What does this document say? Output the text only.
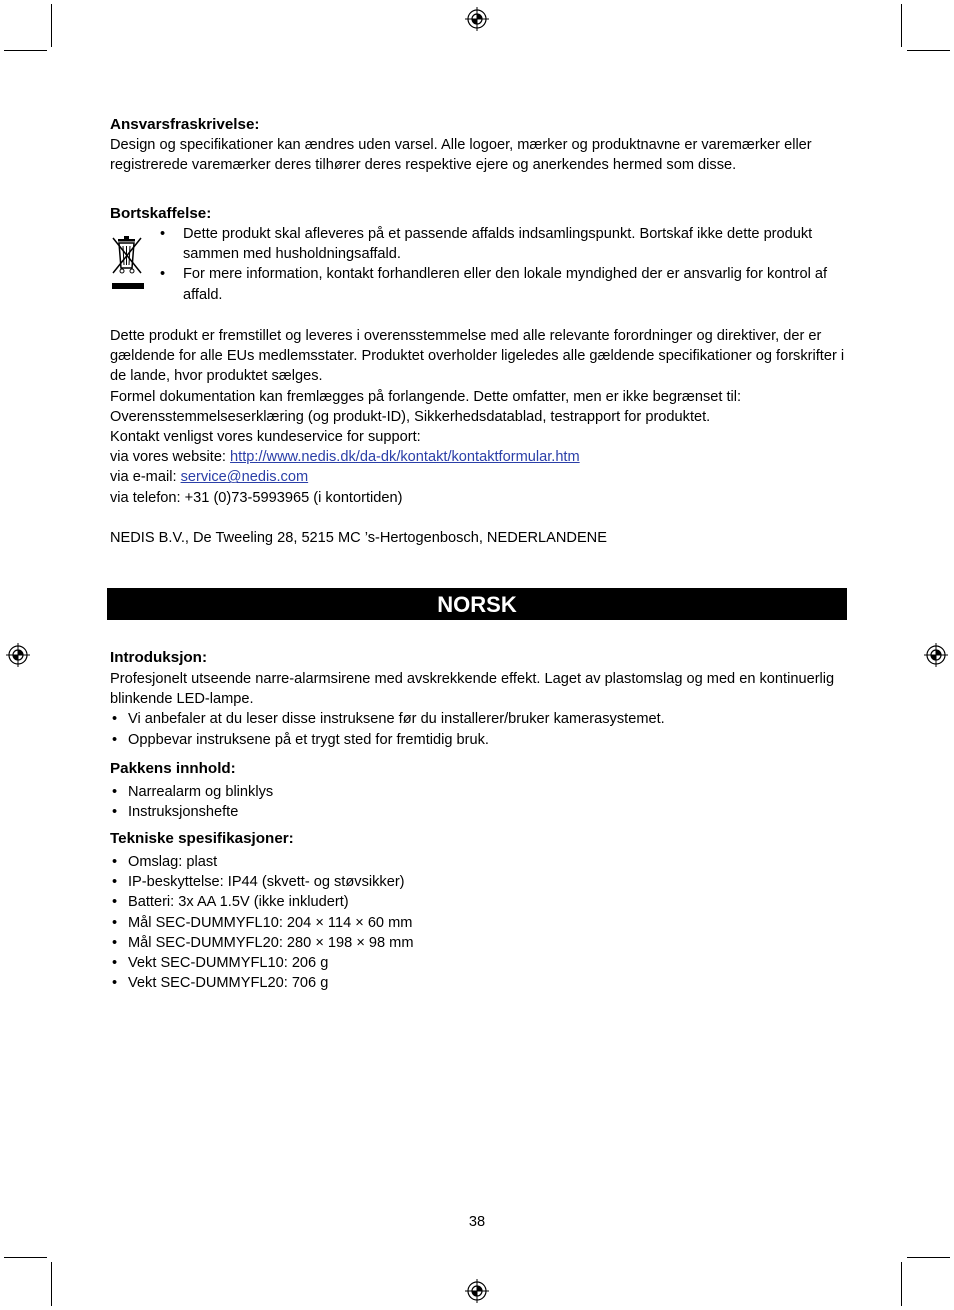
Ansvarsfraskrivelse:

Design og specifikationer kan ændres uden varsel. Alle logoer, mærker og produktnavne er varemærker eller registrerede varemærker deres tilhører deres respektive ejere og anerkendes hermed som disse.

Bortskaffelse:
• Dette produkt skal afleveres på et passende affalds indsamlingspunkt. Bortskaf ikke dette produkt sammen med husholdningsaffald.
• For mere information, kontakt forhandleren eller den lokale myndighed der er ansvarlig for kontrol af affald.

Dette produkt er fremstillet og leveres i overensstemmelse med alle relevante forordninger og direktiver, der er gældende for alle EUs medlemsstater. Produktet overholder ligeledes alle gældende specifikationer og forskrifter i de lande, hvor produktet sælges.

Formel dokumentation kan fremlægges på forlangende. Dette omfatter, men er ikke begrænset til: Overensstemmelseserklæring (og produkt-ID), Sikkerhedsdatablad, testrapport for produktet.

Kontakt venligst vores kundeservice for support:

via vores website: http://www.nedis.dk/da-dk/kontakt/kontaktformular.htm

via e-mail: service@nedis.com

via telefon: +31 (0)73-5993965 (i kontortiden)

NEDIS B.V., De Tweeling 28, 5215 MC ’s-Hertogenbosch, NEDERLANDENE

NORSK
Introduksjon:

Profesjonelt utseende narre-alarmsirene med avskrekkende effekt. Laget av plastomslag og med en kontinuerlig blinkende LED-lampe.

• Vi anbefaler at du leser disse instruksene før du installerer/bruker kamerasystemet.
• Oppbevar instruksene på et trygt sted for fremtidig bruk.
Pakkens innhold:
• Narrealarm og blinklys
• Instruksjonshefte
Tekniske spesifikasjoner:
• Omslag: plast
• IP-beskyttelse: IP44 (skvett- og støvsikker)
• Batteri: 3x AA 1.5V (ikke inkludert)
• Mål SEC-DUMMYFL10: 204 × 114 × 60 mm
• Mål SEC-DUMMYFL20: 280 × 198 × 98 mm
• Vekt SEC-DUMMYFL10: 206 g
• Vekt SEC-DUMMYFL20: 706 g
38
